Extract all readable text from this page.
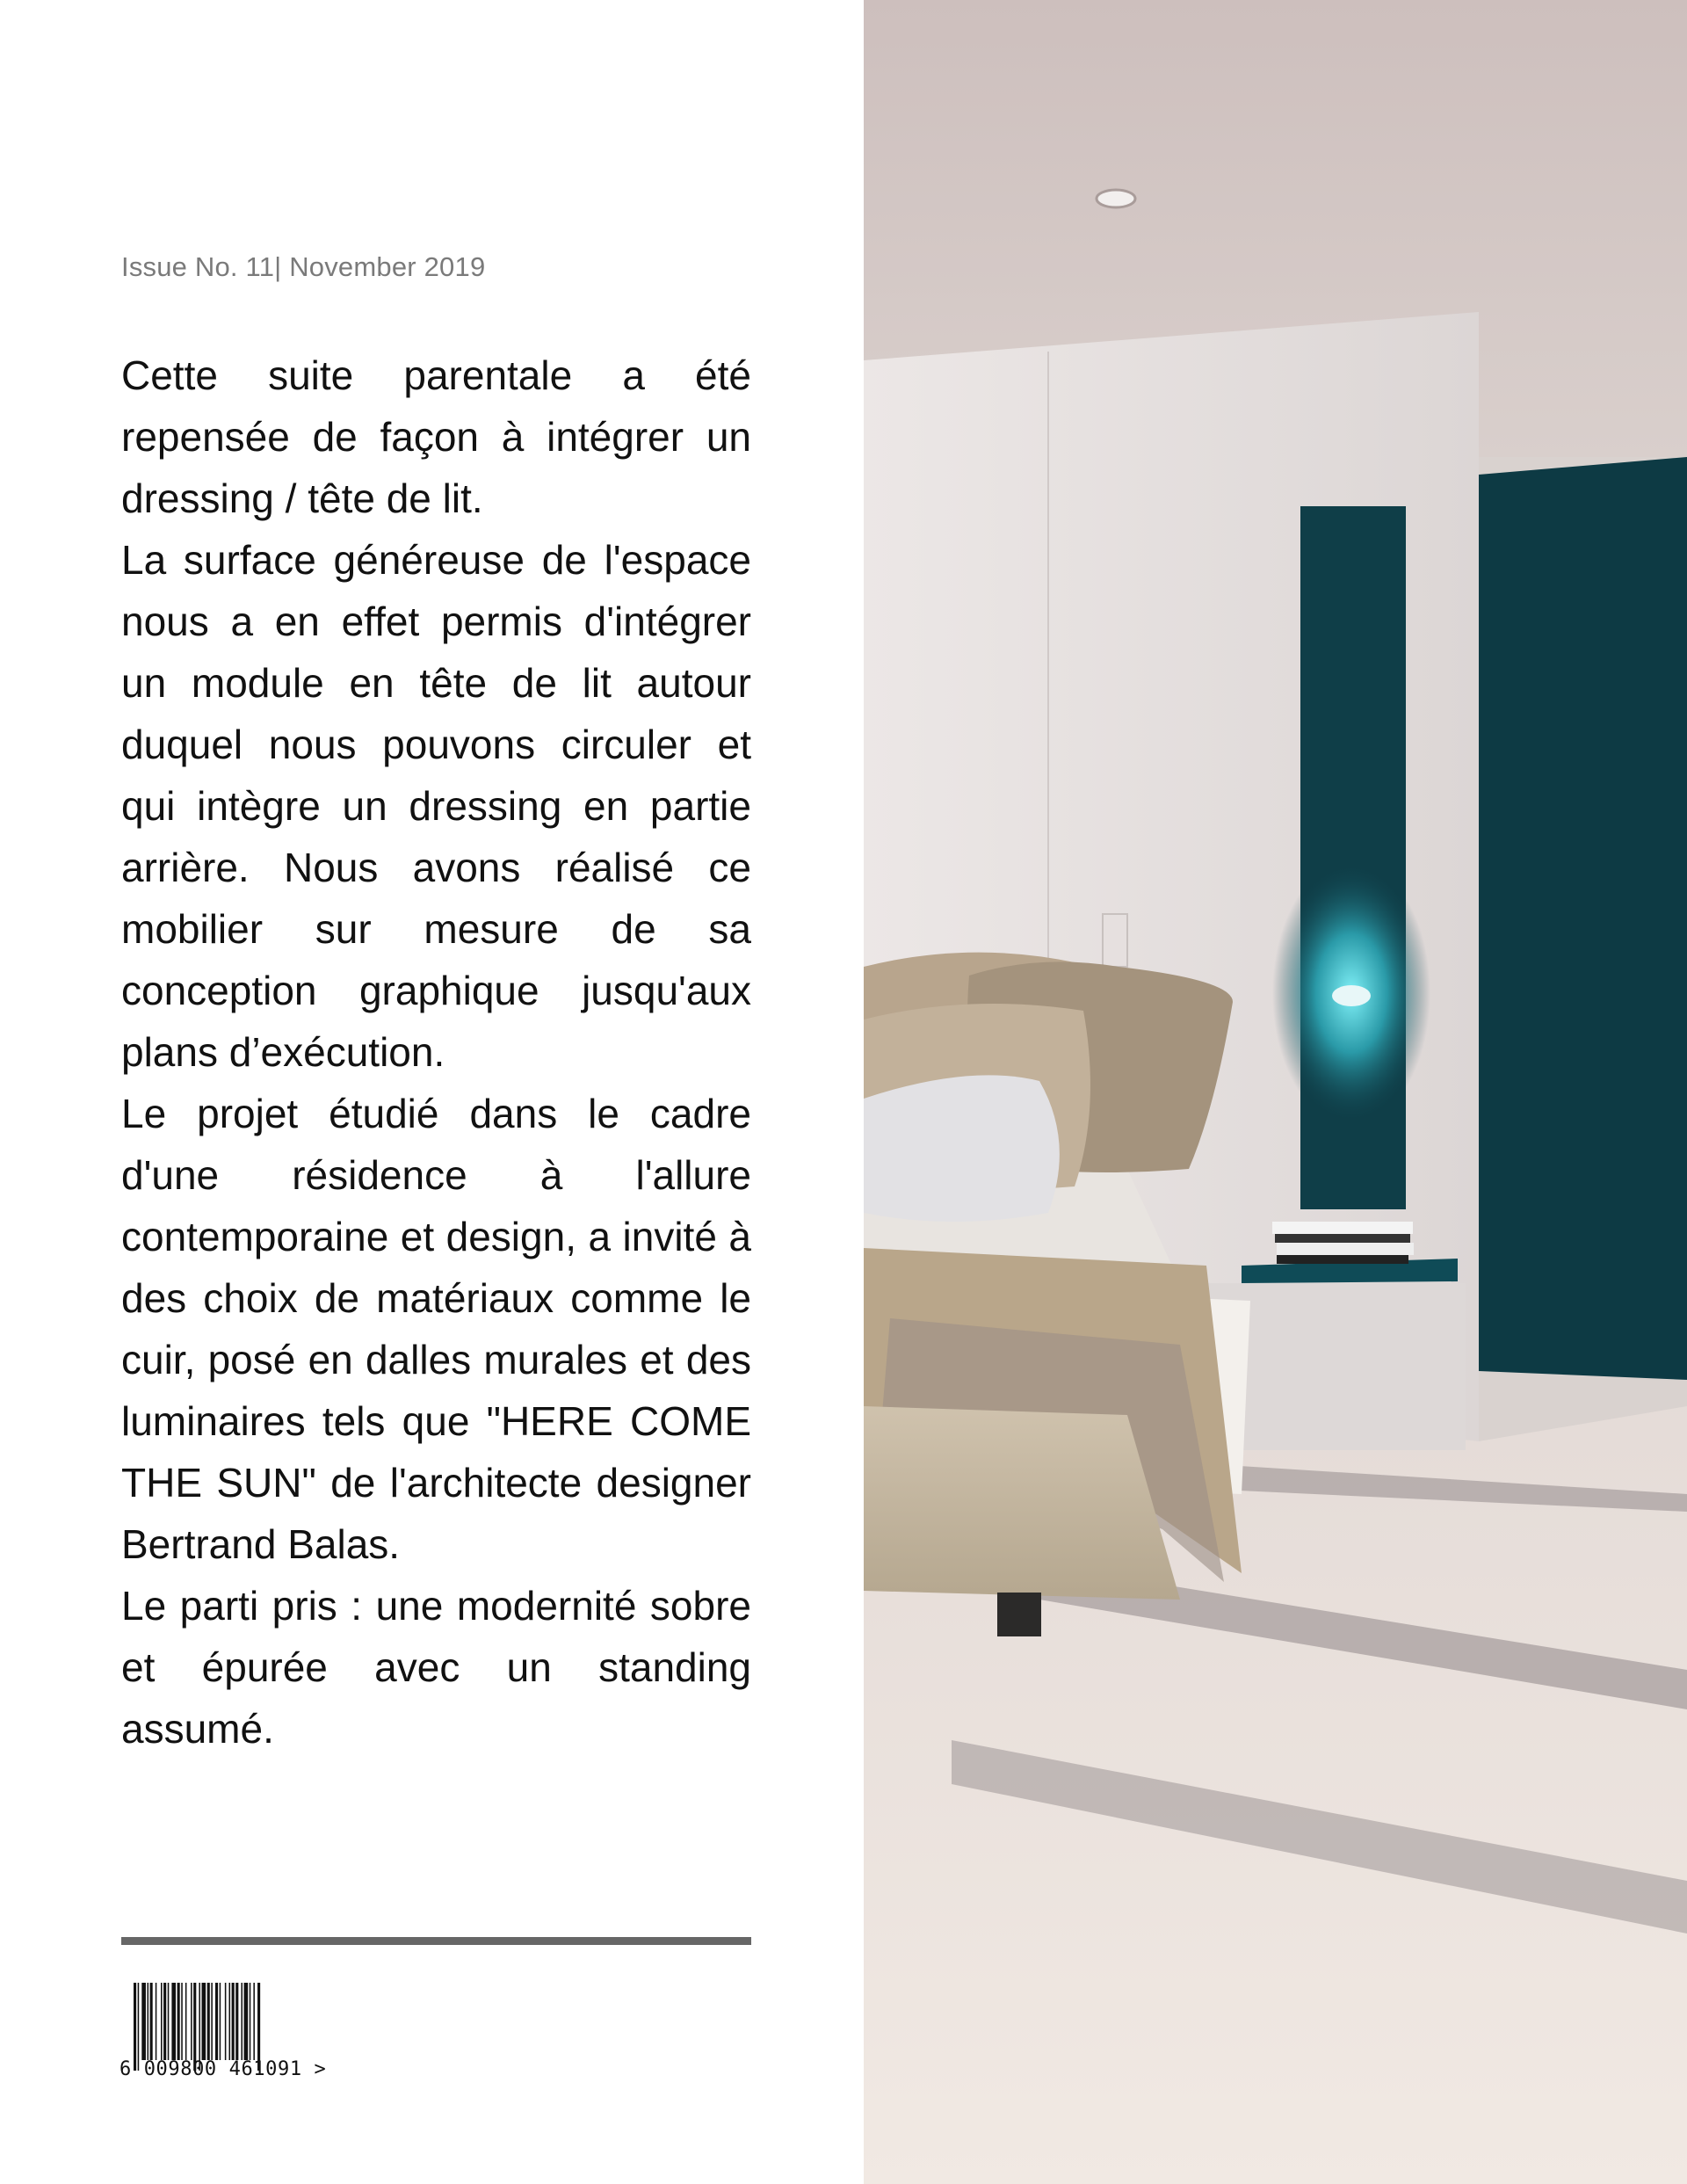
Issue No. 11| November 2019

Cette suite parentale a été repensée de façon à intégrer un dressing / tête de lit.

La surface généreuse de l'espace nous a en effet permis d'intégrer un module en tête de lit autour duquel nous pouvons circuler et qui intègre un dressing en partie arrière. Nous avons réalisé ce mobilier sur mesure de sa conception graphique jusqu'aux plans d’exécution.

Le projet étudié dans le cadre d'une résidence à l'allure contemporaine et design, a invité à des choix de matériaux comme le cuir, posé en dalles murales et des luminaires tels que "HERE COME THE SUN" de l'architecte designer Bertrand Balas.

Le parti pris : une modernité sobre et épurée avec un standing assumé.

6 009800 461091 >
